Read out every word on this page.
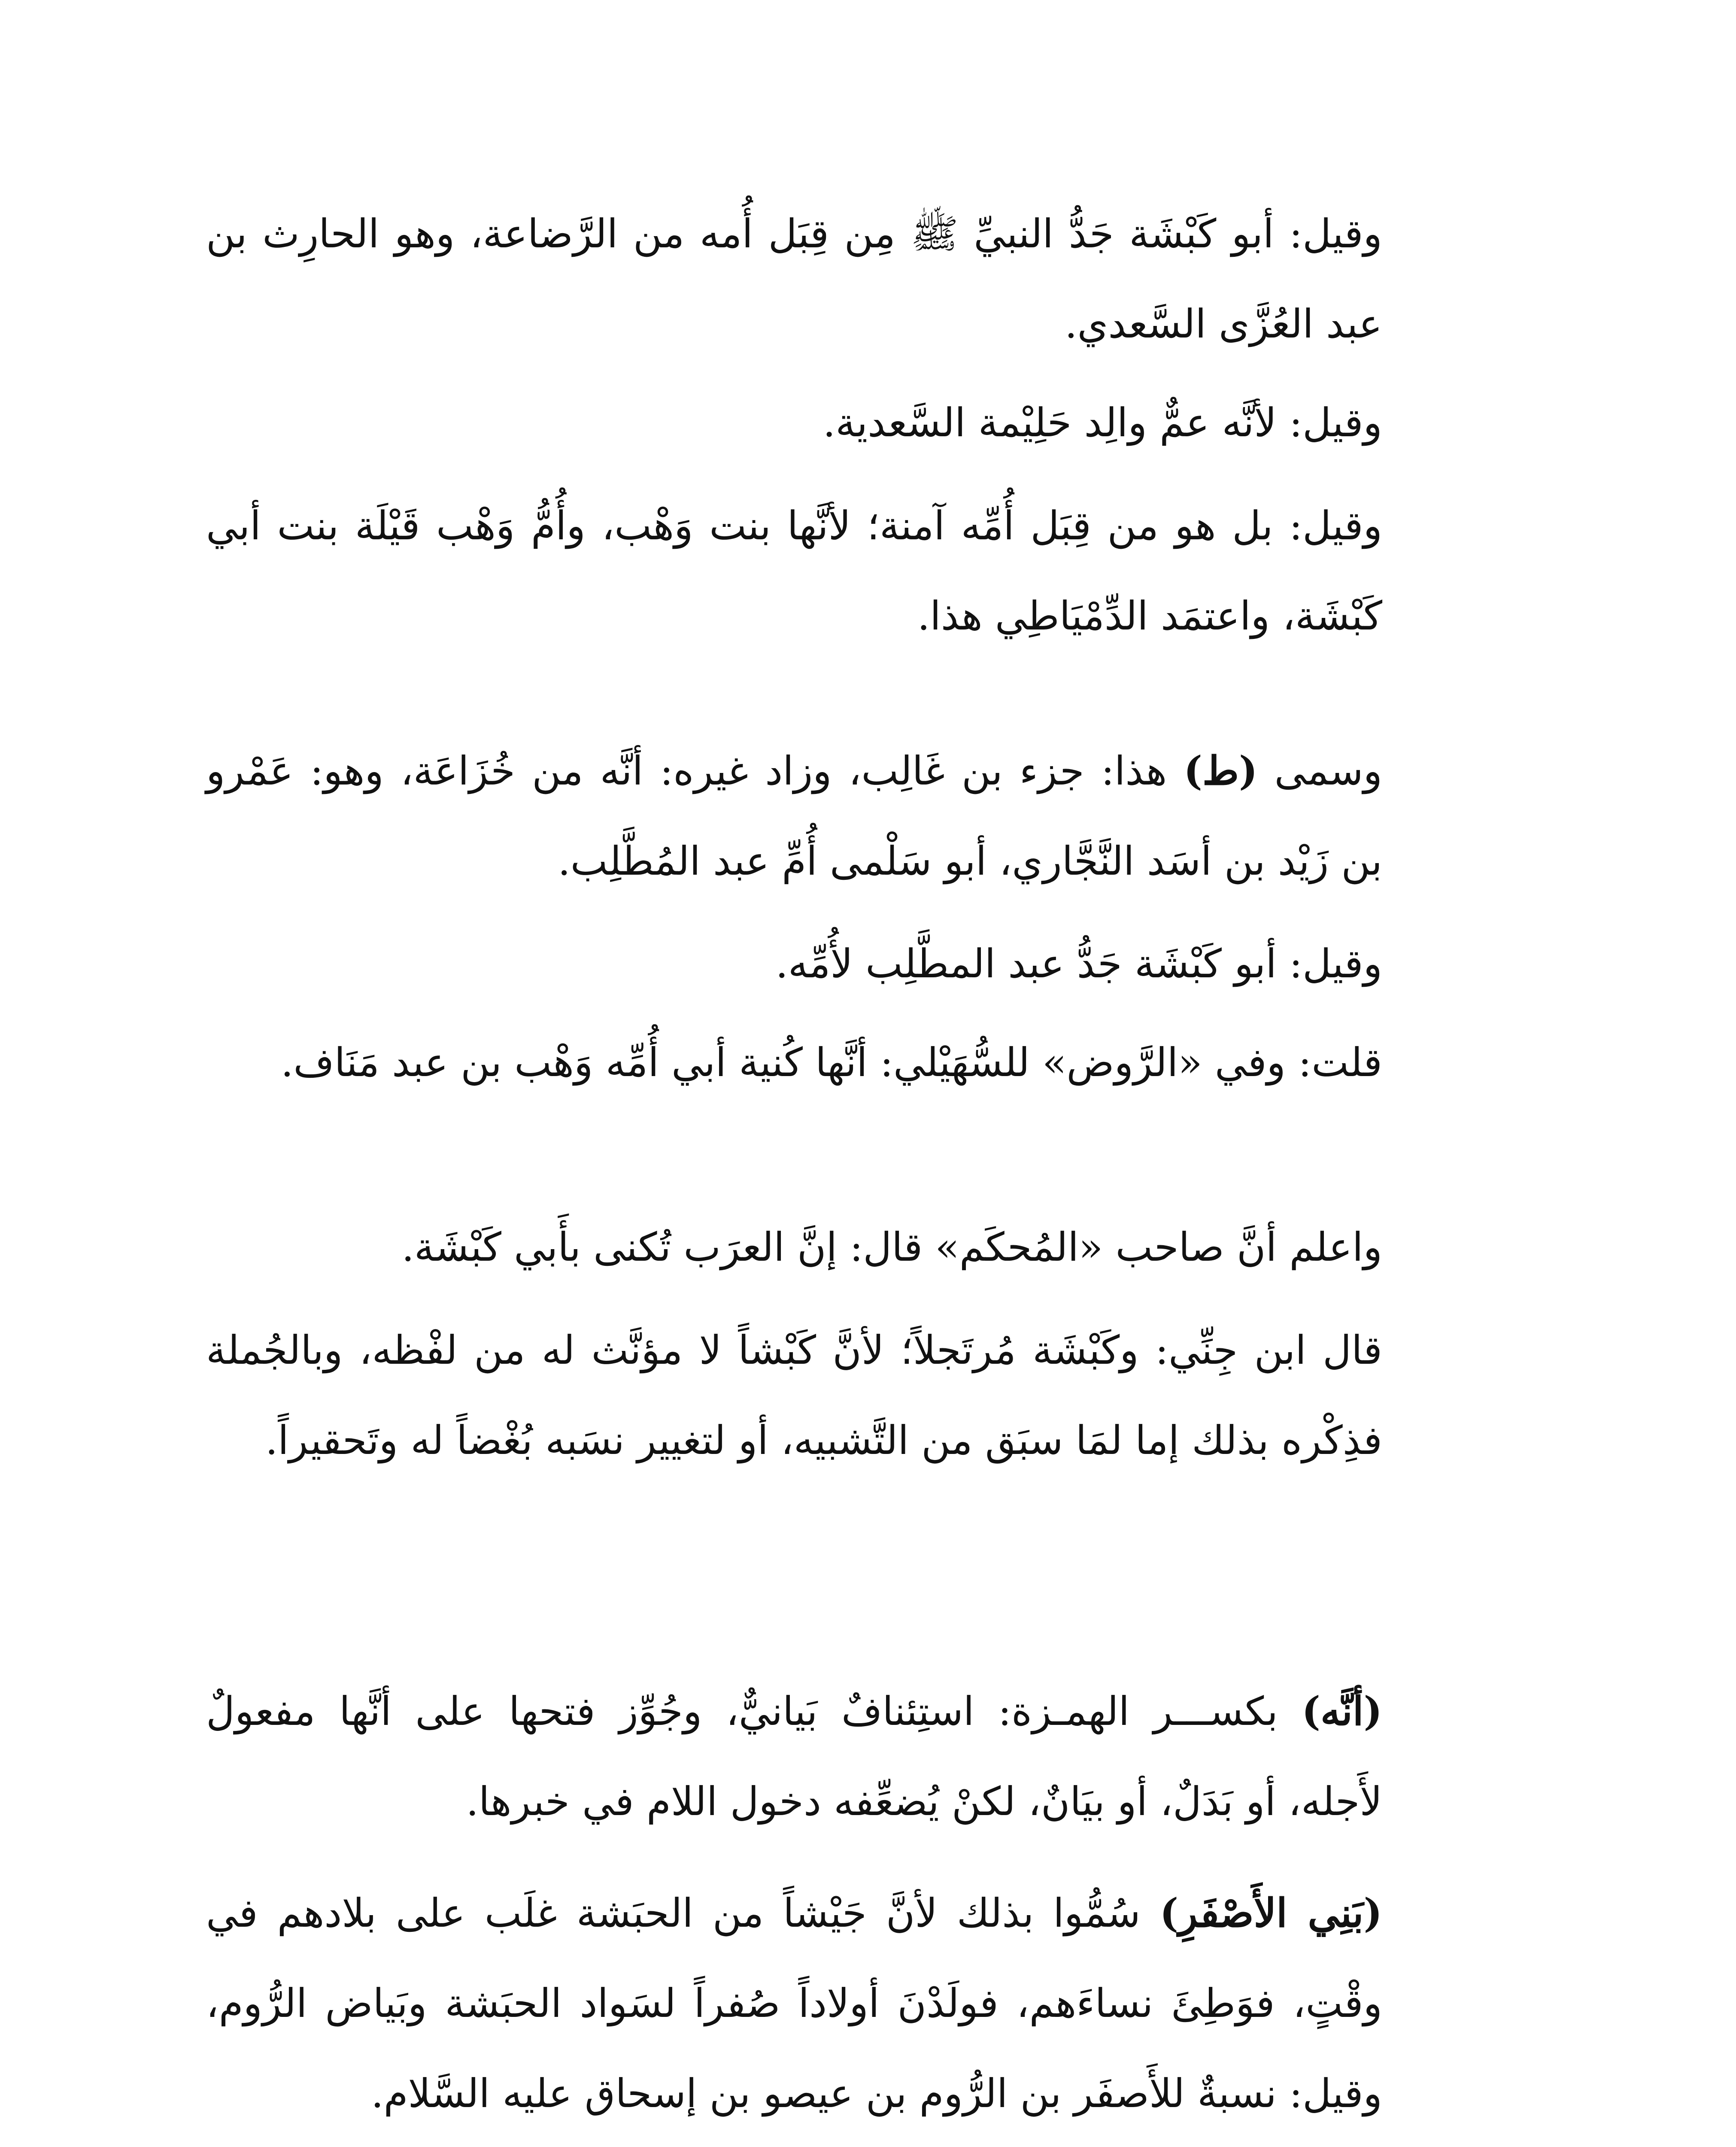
وقيل: أبو كَبْشَة جَدُّ النبيِّ ﷺ مِن قِبَل أُمه من الرَّضاعة، وهو الحارِث بن عبد العُزَّى السَّعدي.

وقيل: لأنَّه عمٌّ والِد حَلِيْمة السَّعدية.

وقيل: بل هو من قِبَل أُمِّه آمنة؛ لأنَّها بنت وَهْب، وأُمُّ وَهْب قَيْلَة بنت أبي كَبْشَة، واعتمَد الدِّمْيَاطِي هذا.

وسمى (ط) هذا: جزء بن غَالِب، وزاد غيره: أنَّه من خُزَاعَة، وهو: عَمْرو بن زَيْد بن أسَد النَّجَّاري، أبو سَلْمى أُمِّ عبد المُطَّلِب.

وقيل: أبو كَبْشَة جَدُّ عبد المطَّلِب لأُمِّه.

قلت: وفي «الرَّوض» للسُّهَيْلي: أنَّها كُنية أبي أُمِّه وَهْب بن عبد مَنَاف.

واعلم أنَّ صاحب «المُحكَم» قال: إنَّ العرَب تُكنى بأَبي كَبْشَة.

قال ابن جِنِّي: وكَبْشَة مُرتَجلاً؛ لأنَّ كَبْشاً لا مؤنَّث له من لفْظه، وبالجُملة فذِكْره بذلك إما لمَا سبَق من التَّشبيه، أو لتغيير نسَبه بُغْضاً له وتَحقيراً.

(أنَّه) بكســـر الهمـزة: استِئنافٌ بَيانيٌّ، وجُوِّز فتحها على أنَّها مفعولٌ لأَجله، أو بَدَلٌ، أو بيَانٌ، لكنْ يُضعِّفه دخول اللام في خبرها.

(بَنِي الأَصْفَرِ) سُمُّوا بذلك لأنَّ جَيْشاً من الحبَشة غلَب على بلادهم في وقْتٍ، فوَطِئَ نساءَهم، فولَدْنَ أولاداً صُفراً لسَواد الحبَشة وبَياض الرُّوم، وقيل: نسبةٌ للأَصفَر بن الرُّوم بن عيصو بن إسحاق عليه السَّلام.
